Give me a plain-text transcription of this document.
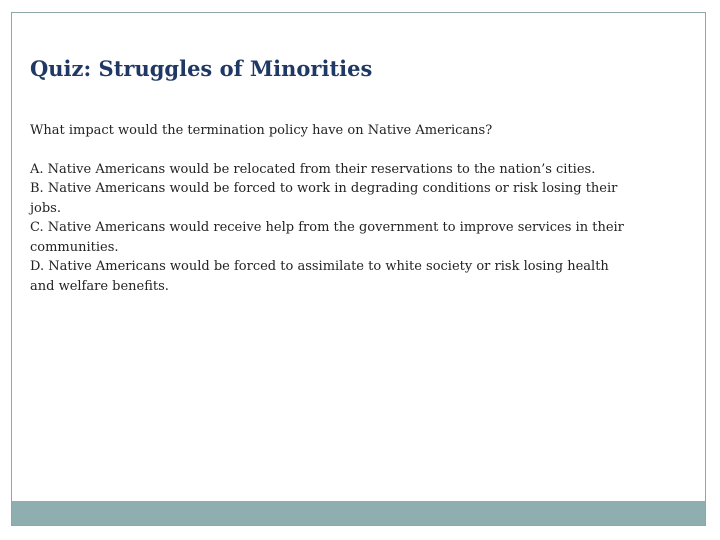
Quiz: Struggles of Minorities

What impact would the termination policy have on Native Americans?

A. Native Americans would be relocated from their reservations to the nation’s cities.

B. Native Americans would be forced to work in degrading conditions or risk losing their jobs.

C. Native Americans would receive help from the government to improve services in their communities.

D. Native Americans would be forced to assimilate to white society or risk losing health and welfare benefits.
